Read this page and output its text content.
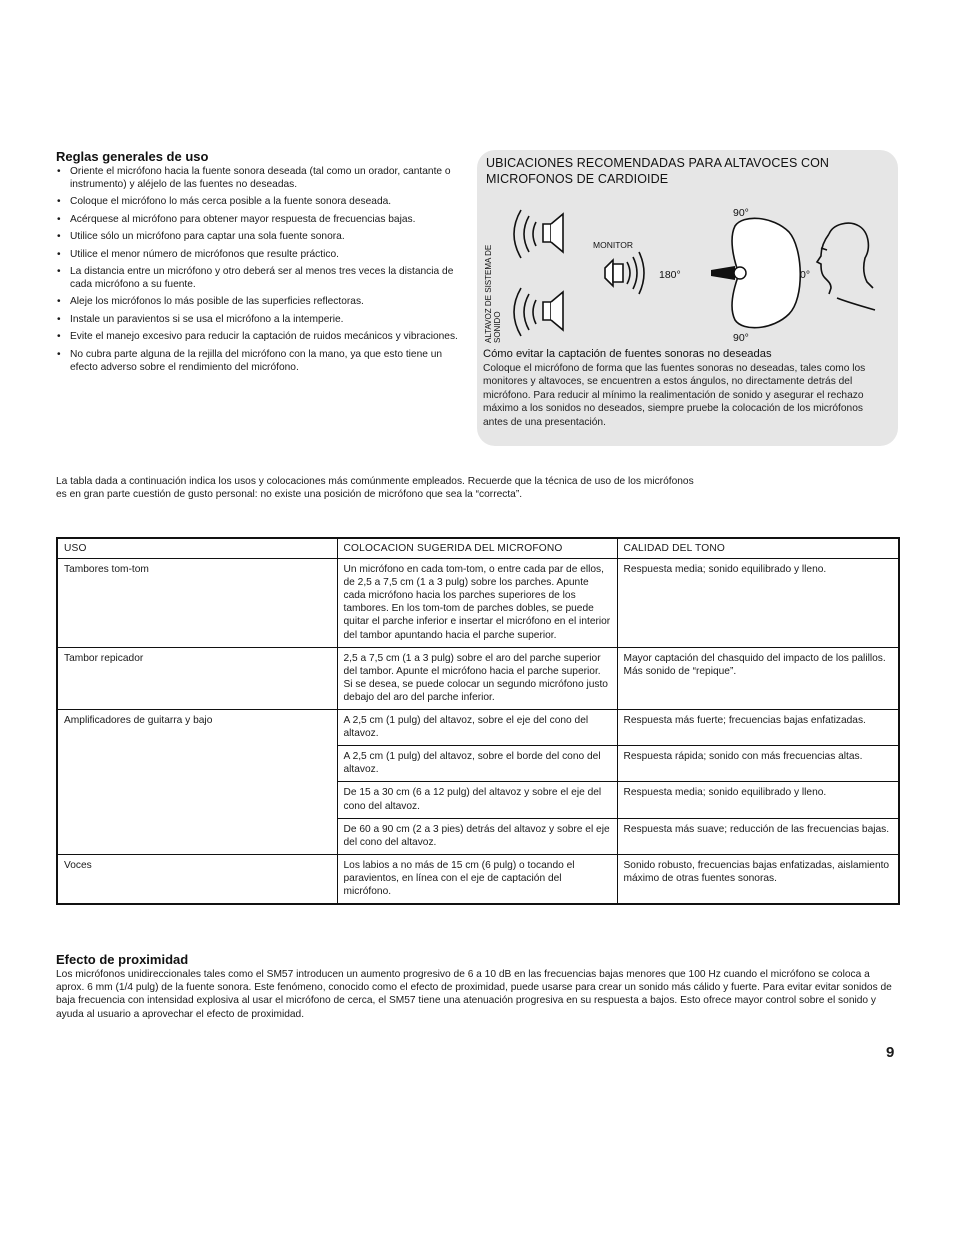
Reglas generales de uso
• Oriente el micrófono hacia la fuente sonora deseada (tal como un orador, cantante o instrumento) y aléjelo de las fuentes no deseadas.
• Coloque el micrófono lo más cerca posible a la fuente sonora deseada.
• Acérquese al micrófono para obtener mayor respuesta de frecuencias bajas.
• Utilice sólo un micrófono para captar una sola fuente sonora.
• Utilice el menor número de micrófonos que resulte práctico.
• La distancia entre un micrófono y otro deberá ser al menos tres veces la distancia de cada micrófono a su fuente.
• Aleje los micrófonos lo más posible de las superficies reflectoras.
• Instale un paravientos si se usa el micrófono a la intemperie.
• Evite el manejo excesivo para reducir la captación de ruidos mecánicos y vibraciones.
• No cubra parte alguna de la rejilla del micrófono con la mano, ya que esto tiene un efecto adverso sobre el rendimiento del micrófono.
UBICACIONES RECOMENDADAS PARA ALTAVOCES CON MICROFONOS DE CARDIOIDE
ALTAVOZ DE SISTEMA DE SONIDO
MONITOR
90°
180°	0°
90°
Cómo evitar la captación de fuentes sonoras no deseadas
Coloque el micrófono de forma que las fuentes sonoras no deseadas, tales como los monitores y altavoces, se encuentren a estos ángulos, no directamente detrás del micrófono. Para reducir al mínimo la realimentación de sonido y asegurar el rechazo máximo a los sonidos no deseados, siempre pruebe la colocación de los micrófonos antes de una presentación.
La tabla dada a continuación indica los usos y colocaciones más comúnmente empleados. Recuerde que la técnica de uso de los micrófonos
es en gran parte cuestión de gusto personal: no existe una posición de micrófono que sea la “correcta”.
USO	COLOCACION SUGERIDA DEL MICROFONO	CALIDAD DEL TONO
Tambores tom-tom	Un micrófono en cada tom-tom, o entre cada par de ellos, de 2,5 a 7,5 cm (1 a 3 pulg) sobre los parches. Apunte cada micrófono hacia los parches superiores de los tambores. En los tom-tom de parches dobles, se puede quitar el parche inferior e insertar el micrófono en el interior del tambor apuntando hacia el parche superior.	Respuesta media; sonido equilibrado y lleno.
Tambor repicador	2,5 a 7,5 cm (1 a 3 pulg) sobre el aro del parche superior del tambor. Apunte el micrófono hacia el parche superior. Si se desea, se puede colocar un segundo micrófono justo debajo del aro del parche inferior.	Mayor captación del chasquido del impacto de los palillos. Más sonido de “repique”.
Amplificadores de guitarra y bajo	A 2,5 cm (1 pulg) del altavoz, sobre el eje del cono del altavoz.	Respuesta más fuerte; frecuencias bajas enfatizadas.
	A 2,5 cm (1 pulg) del altavoz, sobre el borde del cono del altavoz.	Respuesta rápida; sonido con más frecuencias altas.
	De 15 a 30 cm (6 a 12 pulg) del altavoz y sobre el eje del cono del altavoz.	Respuesta media; sonido equilibrado y lleno.
	De 60 a 90 cm (2 a 3 pies) detrás del altavoz y sobre el eje del cono del altavoz.	Respuesta más suave; reducción de las frecuencias bajas.
Voces	Los labios a no más de 15 cm (6 pulg) o tocando el paravientos, en línea con el eje de captación del micrófono.	Sonido robusto, frecuencias bajas enfatizadas, aislamiento máximo de otras fuentes sonoras.
Efecto de proximidad
Los micrófonos unidireccionales tales como el SM57 introducen un aumento progresivo de 6 a 10 dB en las frecuencias bajas menores que 100 Hz cuando el micrófono se coloca a aprox. 6 mm (1/4 pulg) de la fuente sonora. Este fenómeno, conocido como el efecto de proximidad, puede usarse para crear un sonido más cálido y fuerte. Para evitar evitar sonidos de baja frecuencia con intensidad explosiva al usar el micrófono de cerca, el SM57 tiene una atenuación progresiva en su respuesta a bajos. Esto ofrece mayor control sobre el sonido y ayuda al usuario a aprovechar el efecto de proximidad.
9
